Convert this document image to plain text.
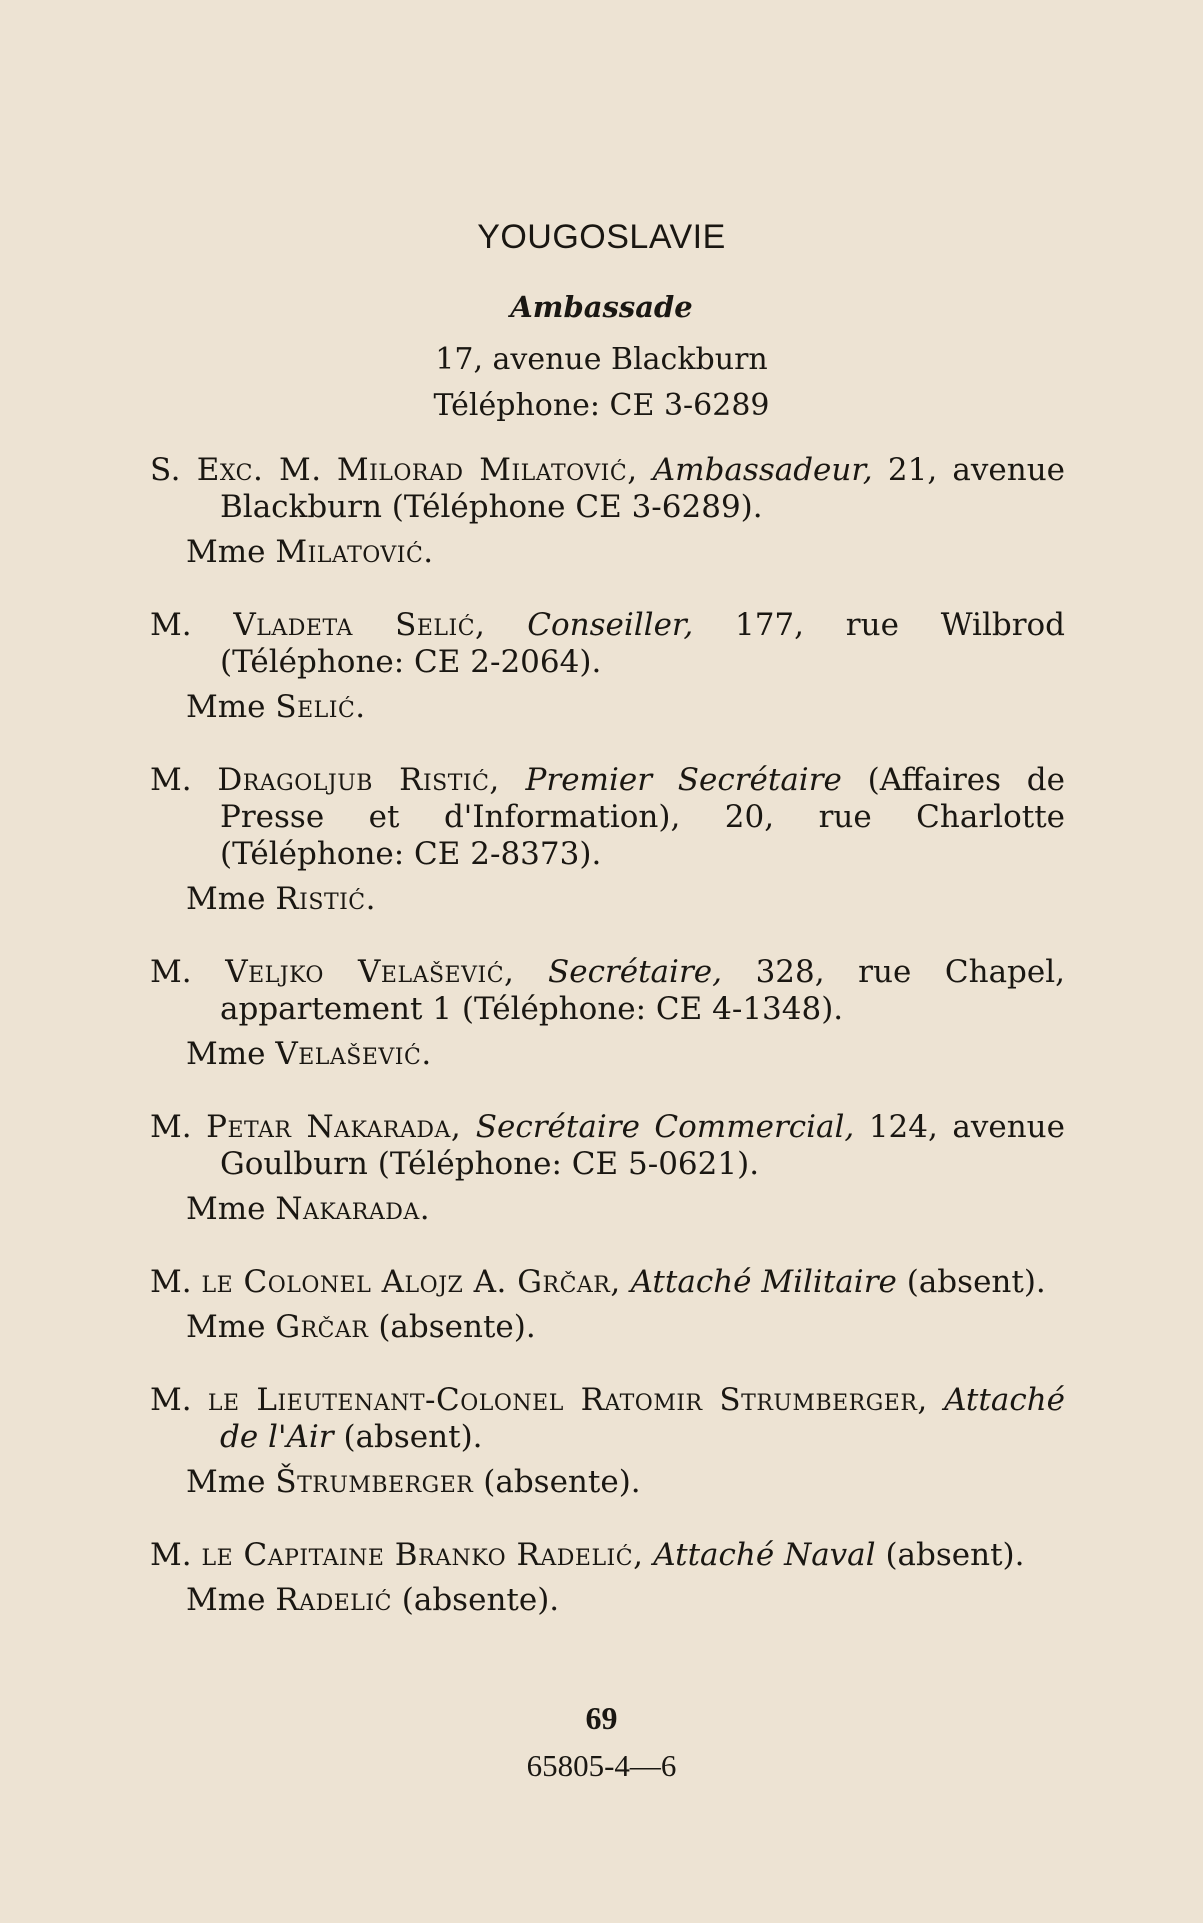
YOUGOSLAVIE
Ambassade
17, avenue Blackburn
Téléphone: CE 3-6289
S. Exc. M. Milorad Milatović, Ambassadeur, 21, avenue Blackburn (Téléphone CE 3-6289).
Mme Milatović.
M. Vladeta Selić, Conseiller, 177, rue Wilbrod (Téléphone: CE 2-2064).
Mme Selić.
M. Dragoljub Ristić, Premier Secrétaire (Affaires de Presse et d'Information), 20, rue Charlotte (Téléphone: CE 2-8373).
Mme Ristić.
M. Veljko Velašević, Secrétaire, 328, rue Chapel, appartement 1 (Téléphone: CE 4-1348).
Mme Velašević.
M. Petar Nakarada, Secrétaire Commercial, 124, avenue Goulburn (Téléphone: CE 5-0621).
Mme Nakarada.
M. le Colonel Alojz A. Grčar, Attaché Militaire (absent).
Mme Grčar (absente).
M. le Lieutenant-Colonel Ratomir Strumberger, Attaché de l'Air (absent).
Mme Štrumberger (absente).
M. le Capitaine Branko Radelić, Attaché Naval (absent).
Mme Radelić (absente).
69
65805-4—6
